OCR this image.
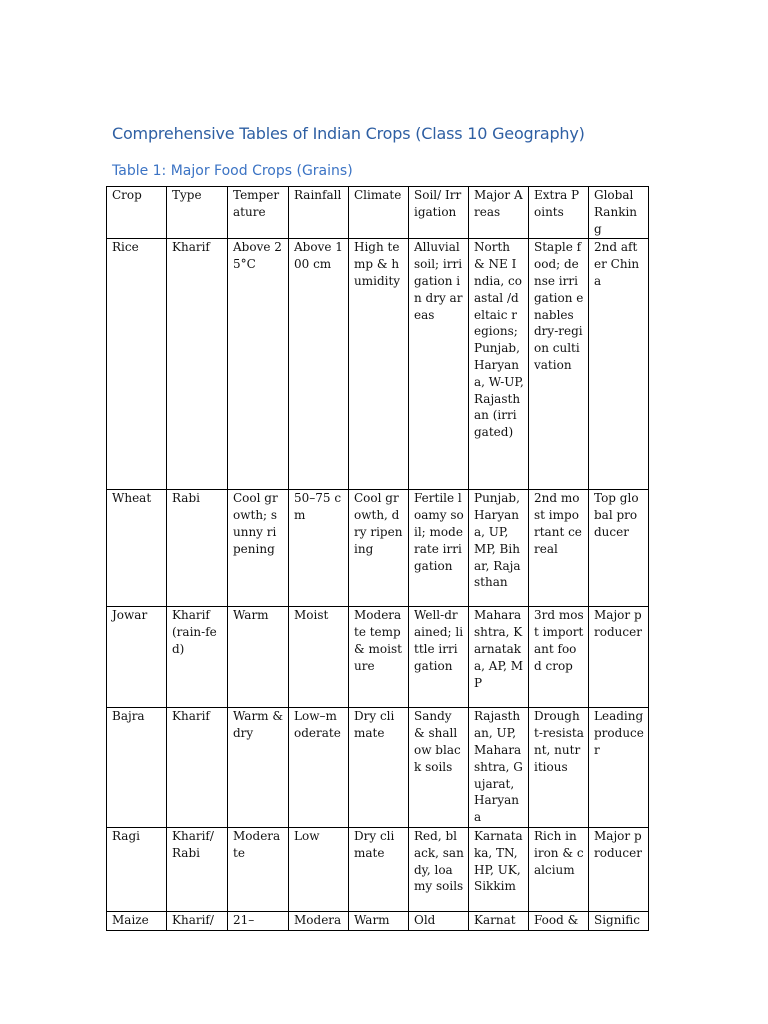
Comprehensive Tables of Indian Crops (Class 10 Geography)
Table 1: Major Food Crops (Grains)
Crop	Type	Temperature	Rainfall	Climate	Soil/ Irrigation	Major Areas	Extra Points	Global Ranking
Rice	Kharif	Above 25°C	Above 100 cm	High temp & humidity	Alluvial soil; irrigation in dry areas	North & NE India, coastal /deltaic regions; Punjab, Haryana, W-UP, Rajasthan (irrigated)	Staple food; dense irrigation enables dry-region cultivation	2nd after China
Wheat	Rabi	Cool growth; sunny ripening	50–75 cm	Cool growth, dry ripening	Fertile loamy soil; moderate irrigation	Punjab, Haryana, UP, MP, Bihar, Rajasthan	2nd most important cereal	Top global producer
Jowar	Kharif (rain-fed)	Warm	Moist	Moderate temp & moisture	Well-drained; little irrigation	Maharashtra, Karnataka, AP, MP	3rd most important food crop	Major producer
Bajra	Kharif	Warm & dry	Low–moderate	Dry climate	Sandy & shallow black soils	Rajasthan, UP, Maharashtra, Gujarat, Haryana	Drought-resistant, nutritious	Leading producer
Ragi	Kharif/ Rabi	Moderate	Low	Dry climate	Red, black, sandy, loamy soils	Karnataka, TN, HP, UK, Sikkim	Rich in iron & calcium	Major producer

Maize	Kharif/	21–	Modera	Warm	Old	Karnat	Food &	Signific
